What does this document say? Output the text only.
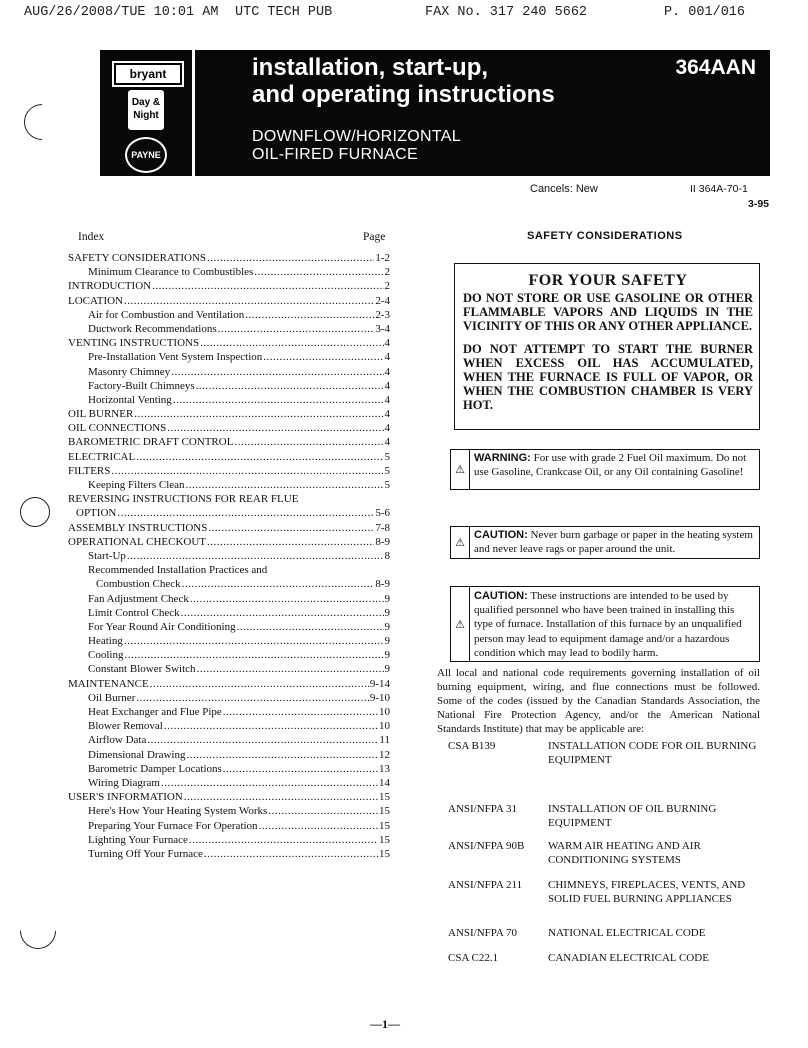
AUG/26/2008/TUE 10:01 AM UTC TECH PUB	FAX No. 317 240 5662	P. 001/016
bryant
Day & Night
PAYNE
installation, start-up,
and operating instructions
364AAN
DOWNFLOW/HORIZONTAL
OIL-FIRED FURNACE
Index	Page
SAFETY CONSIDERATIONS .....	1-2
Minimum Clearance to Combustibles .....	2
INTRODUCTION .....	2
LOCATION .....	2-4
Air for Combustion and Ventilation .....	2-3
Ductwork Recommendations .....	3-4
VENTING INSTRUCTIONS .....	4
Pre-Installation Vent System Inspection .....	4
Masonry Chimney .....	4
Factory-Built Chimneys .....	4
Horizontal Venting .....	4
OIL BURNER .....	4
OIL CONNECTIONS .....	4
BAROMETRIC DRAFT CONTROL .....	4
ELECTRICAL .....	5
FILTERS .....	5
Keeping Filters Clean .....	5
REVERSING INSTRUCTIONS FOR REAR FLUE
OPTION .....	5-6
ASSEMBLY INSTRUCTIONS .....	7-8
OPERATIONAL CHECKOUT .....	8-9
Start-Up .....	8
Recommended Installation Practices and
Combustion Check .....	8-9
Fan Adjustment Check .....	9
Limit Control Check .....	9
For Year Round Air Conditioning .....	9
Heating .....	9
Cooling .....	9
Constant Blower Switch .....	9
MAINTENANCE .....	9-14
Oil Burner .....	9-10
Heat Exchanger and Flue Pipe .....	10
Blower Removal .....	10
Airflow Data .....	11
Dimensional Drawing .....	12
Barometric Damper Locations .....	13
Wiring Diagram .....	14
USER'S INFORMATION .....	15
Here's How Your Heating System Works .....	15
Preparing Your Furnace For Operation .....	15
Lighting Your Furnace .....	15
Turning Off Your Furnace .....	15
Cancels: New	II 364A-70-1
3-95
SAFETY CONSIDERATIONS
FOR YOUR SAFETY
DO NOT STORE OR USE GASOLINE OR OTHER FLAMMABLE VAPORS AND LIQUIDS IN THE VICINITY OF THIS OR ANY OTHER APPLIANCE.
DO NOT ATTEMPT TO START THE BURNER WHEN EXCESS OIL HAS ACCUMULATED, WHEN THE FURNACE IS FULL OF VAPOR, OR WHEN THE COMBUSTION CHAMBER IS VERY HOT.
⚠
WARNING: For use with grade 2 Fuel Oil maximum. Do not use Gasoline, Crankcase Oil, or any Oil containing Gasoline!
⚠
CAUTION: Never burn garbage or paper in the heating system and never leave rags or paper around the unit.
⚠
CAUTION: These instructions are intended to be used by qualified personnel who have been trained in installing this type of furnace. Installation of this furnace by an unqualified person may lead to equipment damage and/or a hazardous condition which may lead to bodily harm.
All local and national code requirements governing installation of oil burning equipment, wiring, and flue connections must be followed. Some of the codes (issued by the Canadian Standards Association, the National Fire Protection Agency, and/or the American National Standards Institute) that may be applicable are:
CSA B139	INSTALLATION CODE FOR OIL BURNING EQUIPMENT
ANSI/NFPA 31	INSTALLATION OF OIL BURNING EQUIPMENT
ANSI/NFPA 90B	WARM AIR HEATING AND AIR CONDITIONING SYSTEMS
ANSI/NFPA 211	CHIMNEYS, FIREPLACES, VENTS, AND SOLID FUEL BURNING APPLIANCES
ANSI/NFPA 70	NATIONAL ELECTRICAL CODE
CSA C22.1	CANADIAN ELECTRICAL CODE
—1—
